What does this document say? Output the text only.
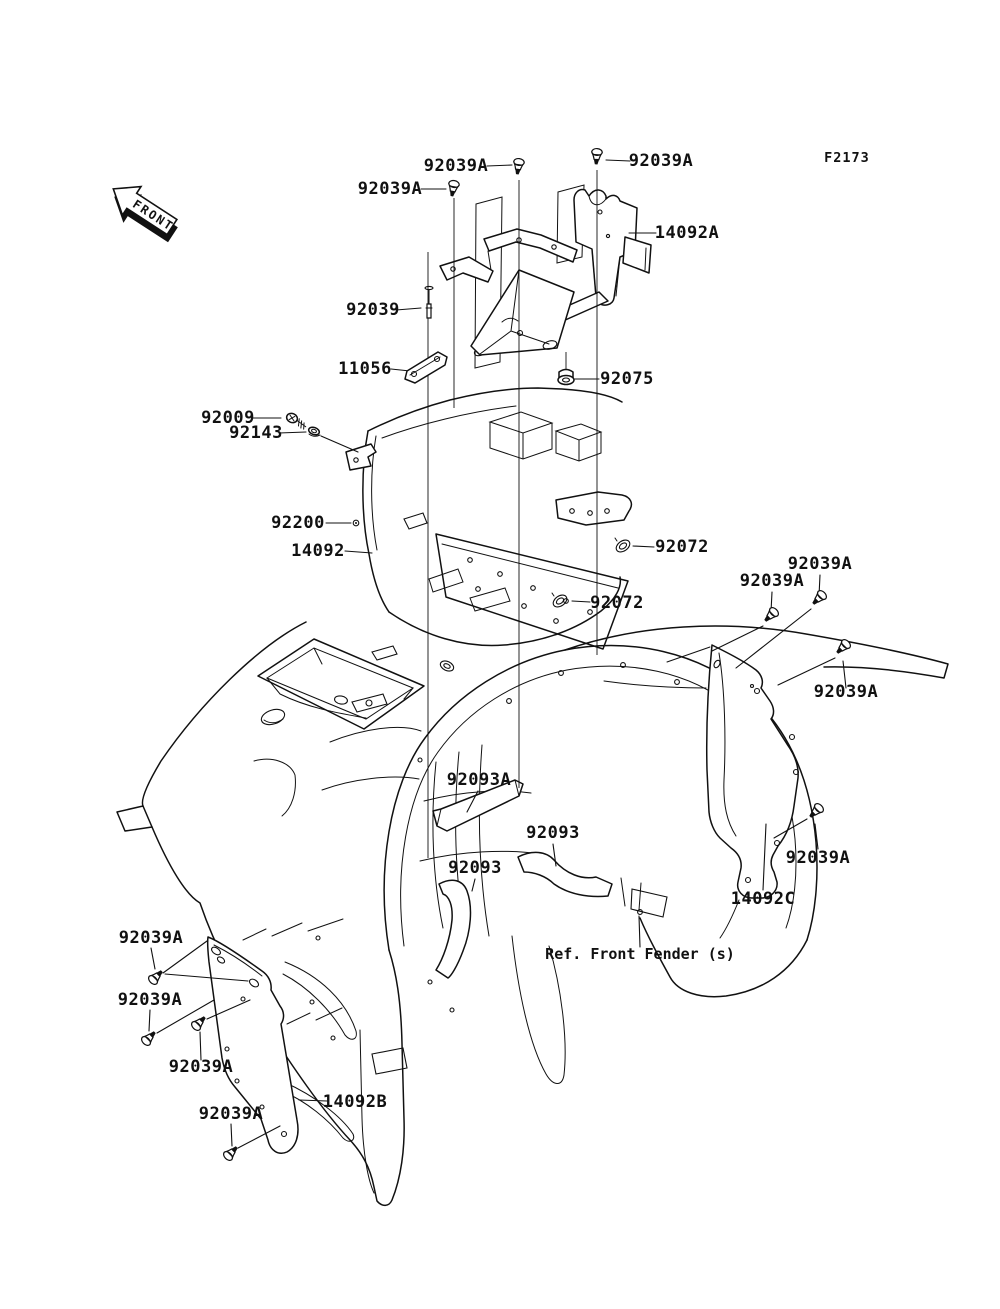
FRONT
92039A	92039A
92039A
14092A
92039
11056	92075
92009
92143
92200
14092	92072
92072
92039A
92039A
92039A
92093A
92093
92093	92039A
14092C
92039A
92039A
92039A
14092B
92039A
Ref. Front Fender (s)
F2173
